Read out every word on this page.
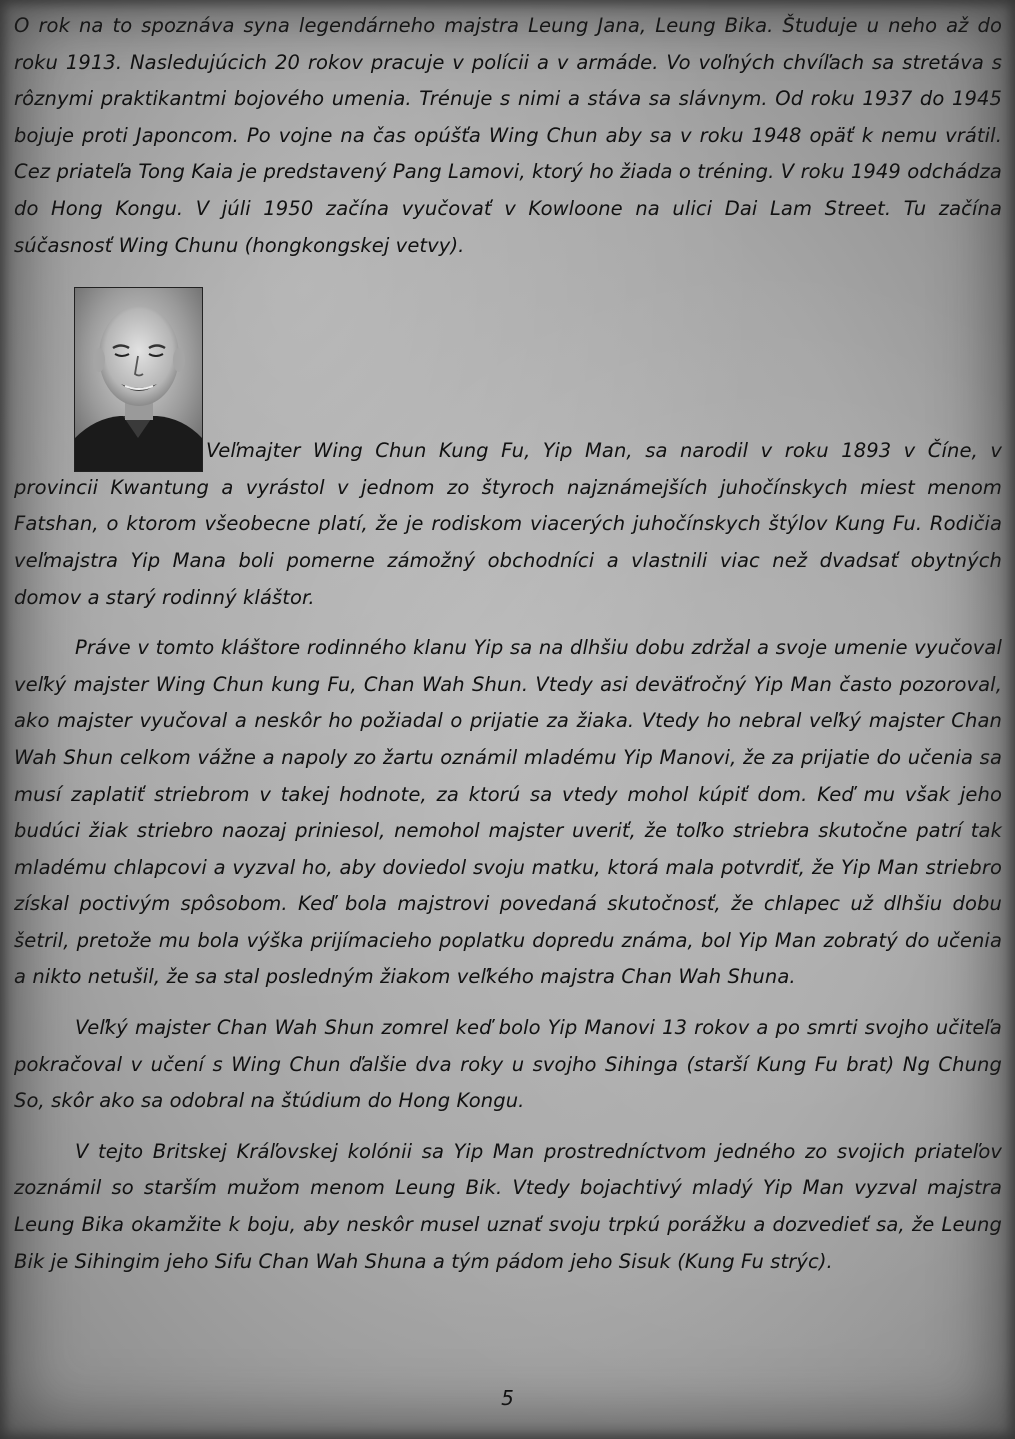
O rok na to spoznáva syna legendárneho majstra Leung Jana, Leung Bika. Študuje u neho až do roku 1913. Nasledujúcich 20 rokov pracuje v polícii a v armáde. Vo voľných chvíľach sa stretáva s rôznymi praktikantmi bojového umenia. Trénuje s nimi a stáva sa slávnym. Od roku 1937 do 1945 bojuje proti Japoncom. Po vojne na čas opúšťa Wing Chun aby sa v roku 1948 opäť k nemu vrátil. Cez priateľa Tong Kaia je predstavený Pang Lamovi, ktorý ho žiada o tréning. V roku 1949 odchádza do Hong Kongu. V júli 1950 začína vyučovať v Kowloone na ulici Dai Lam Street. Tu začína súčasnosť Wing Chunu (hongkongskej vetvy).

Veľmajter Wing Chun Kung Fu, Yip Man, sa narodil v roku 1893 v Číne, v provincii Kwantung a vyrástol v jednom zo štyroch najznámejších juhočínskych miest menom Fatshan, o ktorom všeobecne platí, že je rodiskom viacerých juhočínskych štýlov Kung Fu. Rodičia veľmajstra Yip Mana boli pomerne zámožný obchodníci a vlastnili viac než dvadsať obytných domov a starý rodinný kláštor.

Práve v tomto kláštore rodinného klanu Yip sa na dlhšiu dobu zdržal a svoje umenie vyučoval veľký majster Wing Chun kung Fu, Chan Wah Shun. Vtedy asi deväťročný Yip Man často pozoroval, ako majster vyučoval a neskôr ho požiadal o prijatie za žiaka. Vtedy ho nebral veľký majster Chan Wah Shun celkom vážne a napoly zo žartu oznámil mladému Yip Manovi, že za prijatie do učenia sa musí zaplatiť striebrom v takej hodnote, za ktorú sa vtedy mohol kúpiť dom. Keď mu však jeho budúci žiak striebro naozaj priniesol, nemohol majster uveriť, že toľko striebra skutočne patrí tak mladému chlapcovi a vyzval ho, aby doviedol svoju matku, ktorá mala potvrdiť, že Yip Man striebro získal poctivým spôsobom. Keď bola majstrovi povedaná skutočnosť, že chlapec už dlhšiu dobu šetril, pretože mu bola výška prijímacieho poplatku dopredu známa, bol Yip Man zobratý do učenia a nikto netušil, že sa stal posledným žiakom veľkého majstra Chan Wah Shuna.

Veľký majster Chan Wah Shun zomrel keď bolo Yip Manovi 13 rokov a po smrti svojho učiteľa pokračoval v učení s Wing Chun ďalšie dva roky u svojho Sihinga (starší Kung Fu brat) Ng Chung So, skôr ako sa odobral na štúdium do Hong Kongu.

V tejto Britskej Kráľovskej kolónii sa Yip Man prostredníctvom jedného zo svojich priateľov zoznámil so starším mužom menom Leung Bik. Vtedy bojachtivý mladý Yip Man vyzval majstra Leung Bika okamžite k boju, aby neskôr musel uznať svoju trpkú porážku a dozvedieť sa, že Leung Bik je Sihingim jeho Sifu Chan Wah Shuna a tým pádom jeho Sisuk (Kung Fu strýc).

5
